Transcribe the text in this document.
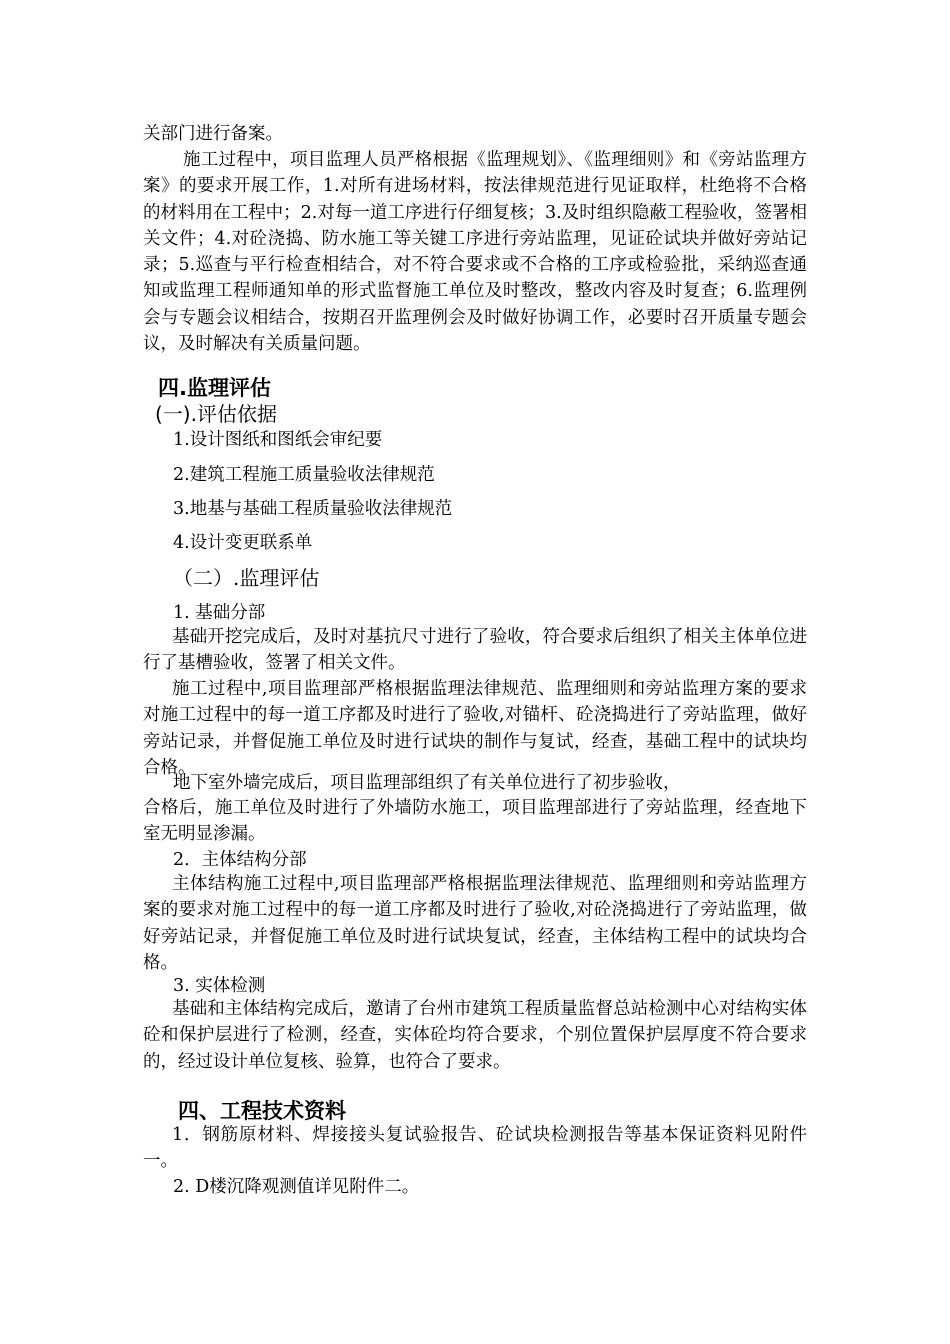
关部门进行备案。
施工过程中，项目监理人员严格根据《监理规划》、《监理细则》和《旁站监理方案》的要求开展工作，1.对所有进场材料，按法律规范进行见证取样，杜绝将不合格的材料用在工程中；2.对每一道工序进行仔细复核；3.及时组织隐蔽工程验收，签署相关文件；4.对砼浇捣、防水施工等关键工序进行旁站监理，见证砼试块并做好旁站记录；5.巡查与平行检查相结合，对不符合要求或不合格的工序或检验批，采纳巡查通知或监理工程师通知单的形式监督施工单位及时整改，整改内容及时复查；6.监理例会与专题会议相结合，按期召开监理例会及时做好协调工作，必要时召开质量专题会议，及时解决有关质量问题。
四.监理评估
(一).评估依据
1.设计图纸和图纸会审纪要
2.建筑工程施工质量验收法律规范
3.地基与基础工程质量验收法律规范
4.设计变更联系单
（二）.监理评估
1. 基础分部
基础开挖完成后，及时对基抗尺寸进行了验收，符合要求后组织了相关主体单位进行了基槽验收，签署了相关文件。
施工过程中,项目监理部严格根据监理法律规范、监理细则和旁站监理方案的要求对施工过程中的每一道工序都及时进行了验收,对锚杆、砼浇捣进行了旁站监理，做好旁站记录，并督促施工单位及时进行试块的制作与复试，经查，基础工程中的试块均合格。
地下室外墙完成后，项目监理部组织了有关单位进行了初步验收，
合格后，施工单位及时进行了外墙防水施工，项目监理部进行了旁站监理，经查地下室无明显渗漏。
2．主体结构分部
主体结构施工过程中,项目监理部严格根据监理法律规范、监理细则和旁站监理方案的要求对施工过程中的每一道工序都及时进行了验收,对砼浇捣进行了旁站监理，做好旁站记录，并督促施工单位及时进行试块复试，经查，主体结构工程中的试块均合格。
3. 实体检测
基础和主体结构完成后，邀请了台州市建筑工程质量监督总站检测中心对结构实体砼和保护层进行了检测，经查，实体砼均符合要求，个别位置保护层厚度不符合要求的，经过设计单位复核、验算，也符合了要求。
四、工程技术资料
1．钢筋原材料、焊接接头复试验报告、砼试块检测报告等基本保证资料见附件一。
2. D楼沉降观测值详见附件二。
